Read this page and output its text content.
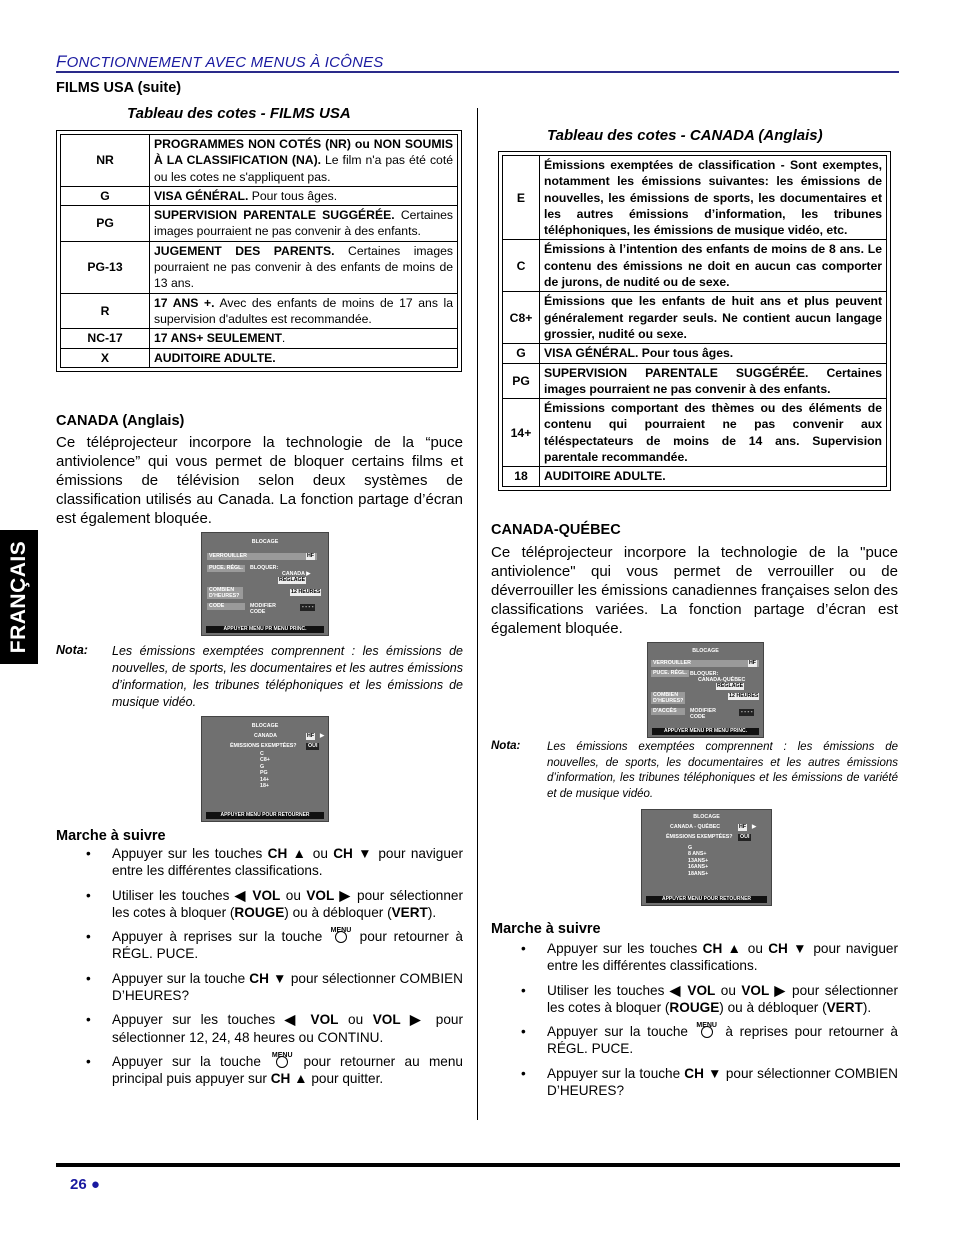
FONCTIONNEMENT AVEC MENUS À ICÔNES
FRANÇAIS
FILMS USA (suite)
Tableau des cotes - FILMS USA
NR	PROGRAMMES NON COTÉS (NR) ou NON SOUMIS À LA CLASSIFICATION (NA). Le film n'a pas été coté ou les cotes ne s'appliquent pas.
G	VISA GÉNÉRAL. Pour tous âges.
PG	SUPERVISION PARENTALE SUGGÉRÉE. Certaines images pourraient ne pas convenir à des enfants.
PG-13	JUGEMENT DES PARENTS. Certaines images pourraient ne pas convenir à des enfants de moins de 13 ans.
R	17 ANS +. Avec des enfants de moins de 17 ans la supervision d'adultes est recommandée.
NC-17	17 ANS+ SEULEMENT.
X	AUDITOIRE ADULTE.
CANADA (Anglais)
Ce téléprojecteur incorpore la technologie de la “puce antiviolence” qui vous permet de bloquer certains films et émissions de télévision selon deux systèmes de classification utilisés au Canada. La fonction partage d’écran est également bloquée.
BLOCAGE
VERROUILLER	HF
PUCE. RÉGL.	BLOQUER:
CANADA ▶
RÉGLAGE
COMBIEN D'HEURES?
12 HEURES
CODE	MODIFIER CODE
- - - -
APPUYER MENU PR MENU PRINC.
Nota: Les émissions exemptées comprennent : les émissions de nouvelles, de sports, les documentaires et les autres émissions d’information, les tribunes téléphoniques et les émissions de musique vidéo.
BLOCAGE
CANADA	HF ▶
ÉMISSIONS EXEMPTÉES?	OUI
C
C8+
G
PG
14+
18+
APPUYER MENU POUR RETOURNER
Marche à suivre
• Appuyer sur les touches CH ▲ ou CH ▼ pour naviguer entre les différentes classifications.
• Utiliser les touches ◀ VOL ou VOL ▶ pour sélectionner les cotes à bloquer (ROUGE) ou à débloquer (VERT).
• Appuyer à reprises sur la touche MENU pour retourner à RÉGL. PUCE.
• Appuyer sur la touche CH ▼ pour sélectionner COMBIEN D’HEURES?
• Appuyer sur les touches ◀ VOL ou VOL ▶ pour sélectionner 12, 24, 48 heures ou CONTINU.
• Appuyer sur la touche MENU pour retourner au menu principal puis appuyer sur CH ▲ pour quitter.
Tableau des cotes - CANADA (Anglais)
E	Émissions exemptées de classification - Sont exemptes, notamment les émissions suivantes: les émissions de nouvelles, les émissions de sports, les documentaires et les autres émissions d’information, les tribunes téléphoniques, les émissions de musique vidéo, etc.
C	Émissions à l’intention des enfants de moins de 8 ans. Le contenu des émissions ne doit en aucun cas comporter de jurons, de nudité ou de sexe.
C8+	Émissions que les enfants de huit ans et plus peuvent généralement regarder seuls. Ne contient aucun langage grossier, nudité ou sexe.
G	VISA GÉNÉRAL. Pour tous âges.
PG	SUPERVISION PARENTALE SUGGÉRÉE. Certaines images pourraient ne pas convenir à des enfants.
14+	Émissions comportant des thèmes ou des éléments de contenu qui pourraient ne pas convenir aux téléspectateurs de moins de 14 ans. Supervision parentale recommandée.
18	AUDITOIRE ADULTE.
CANADA-QUÉBEC
Ce téléprojecteur incorpore la technologie de la "puce antiviolence" qui vous permet de verrouiller ou de déverrouiller les émissions canadiennes françaises selon des classifications variées. La fonction partage d’écran est également bloquée.
BLOCAGE
VERROUILLER	HF
PUCE. RÉGL. BLOQUER:
CANADA-QUÉBEC
RÉGLAGE
COMBIEN D'HEURES?
12 HEURES
D'ACCÈS	MODIFIER CODE
- - - -
APPUYER MENU PR MENU PRINC.
Nota: Les émissions exemptées comprennent : les émissions de nouvelles, de sports, les documentaires et les autres émissions d’information, les tribunes téléphoniques et les émissions de variété et de musique vidéo.
BLOCAGE
CANADA - QUÉBEC	HF ▶
ÉMISSIONS EXEMPTÉES?	OUI
G
8 ANS+
13ANS+
16ANS+
18ANS+
APPUYER MENU POUR RETOURNER
Marche à suivre
• Appuyer sur les touches CH ▲ ou CH ▼ pour naviguer entre les différentes classifications.
• Utiliser les touches ◀ VOL ou VOL ▶ pour sélectionner les cotes à bloquer (ROUGE) ou à débloquer (VERT).
• Appuyer sur la touche MENU à reprises pour retourner à RÉGL. PUCE.
• Appuyer sur la touche CH ▼ pour sélectionner COMBIEN D’HEURES?
26 ●
